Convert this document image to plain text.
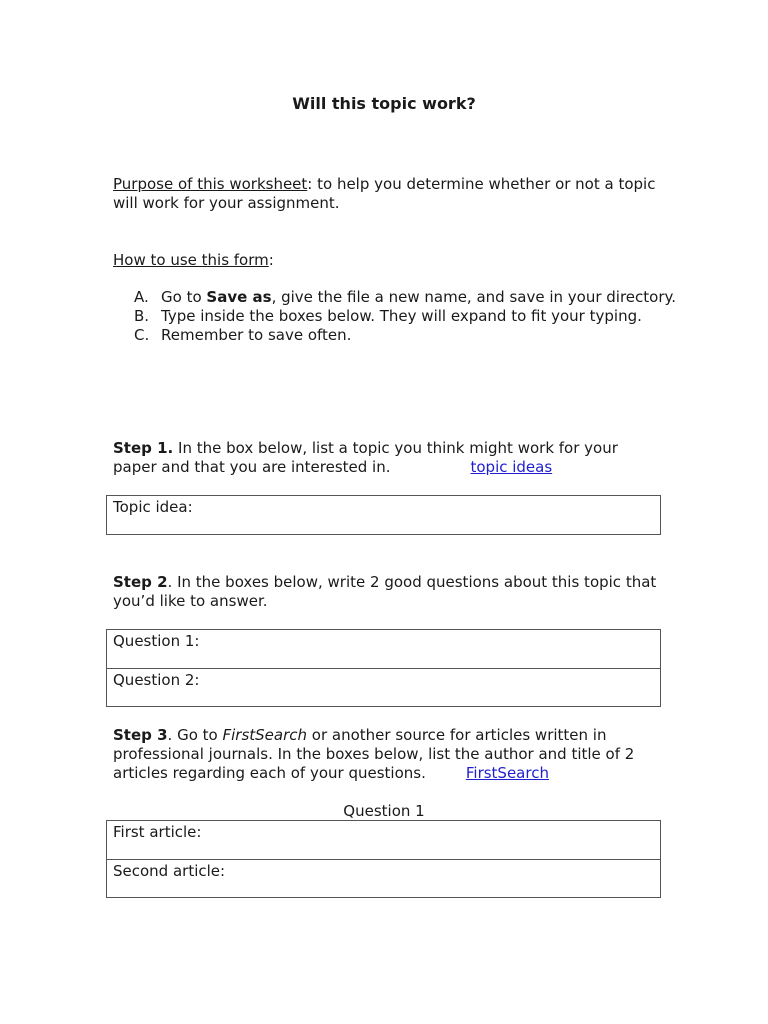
Will this topic work?
Purpose of this worksheet: to help you determine whether or not a topic will work for your assignment.
How to use this form:
A. Go to Save as, give the file a new name, and save in your directory.
B. Type inside the boxes below. They will expand to fit your typing.
C. Remember to save often.
Step 1. In the box below, list a topic you think might work for your paper and that you are interested in.	topic ideas
Topic idea:
Step 2. In the boxes below, write 2 good questions about this topic that you’d like to answer.
Question 1:
Question 2:
Step 3. Go to FirstSearch or another source for articles written in professional journals. In the boxes below, list the author and title of 2 articles regarding each of your questions.	FirstSearch
Question 1
First article:
Second article:
